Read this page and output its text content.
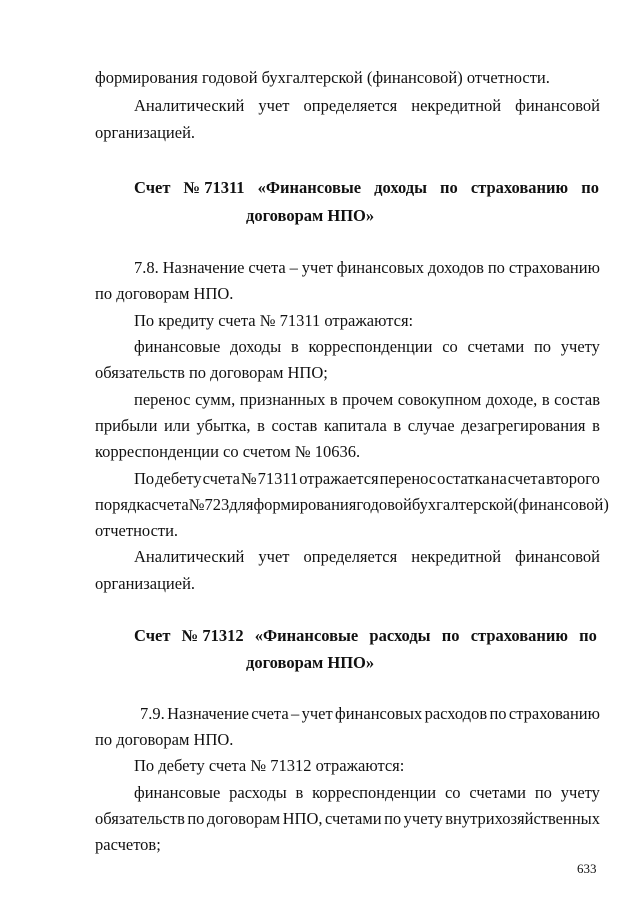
формирования годовой бухгалтерской (финансовой) отчетности.
Аналитический учет определяется некредитной финансовой
организацией.
Счет № 71311 «Финансовые доходы по страхованию по
договорам НПО»
7.8. Назначение счета – учет финансовых доходов по страхованию
по договорам НПО.
По кредиту счета № 71311 отражаются:
финансовые доходы в корреспонденции со счетами по учету
обязательств по договорам НПО;
перенос сумм, признанных в прочем совокупном доходе, в состав
прибыли или убытка, в состав капитала в случае дезагрегирования в
корреспонденции со счетом № 10636.
По дебету счета № 71311 отражается перенос остатка на счета второго
порядка счета № 723 для формирования годовой бухгалтерской (финансовой)
отчетности.
Аналитический учет определяется некредитной финансовой
организацией.
Счет № 71312 «Финансовые расходы по страхованию по
договорам НПО»
7.9. Назначение счета – учет финансовых расходов по страхованию
по договорам НПО.
По дебету счета № 71312 отражаются:
финансовые расходы в корреспонденции со счетами по учету
обязательств по договорам НПО, счетами по учету внутрихозяйственных
расчетов;
633
